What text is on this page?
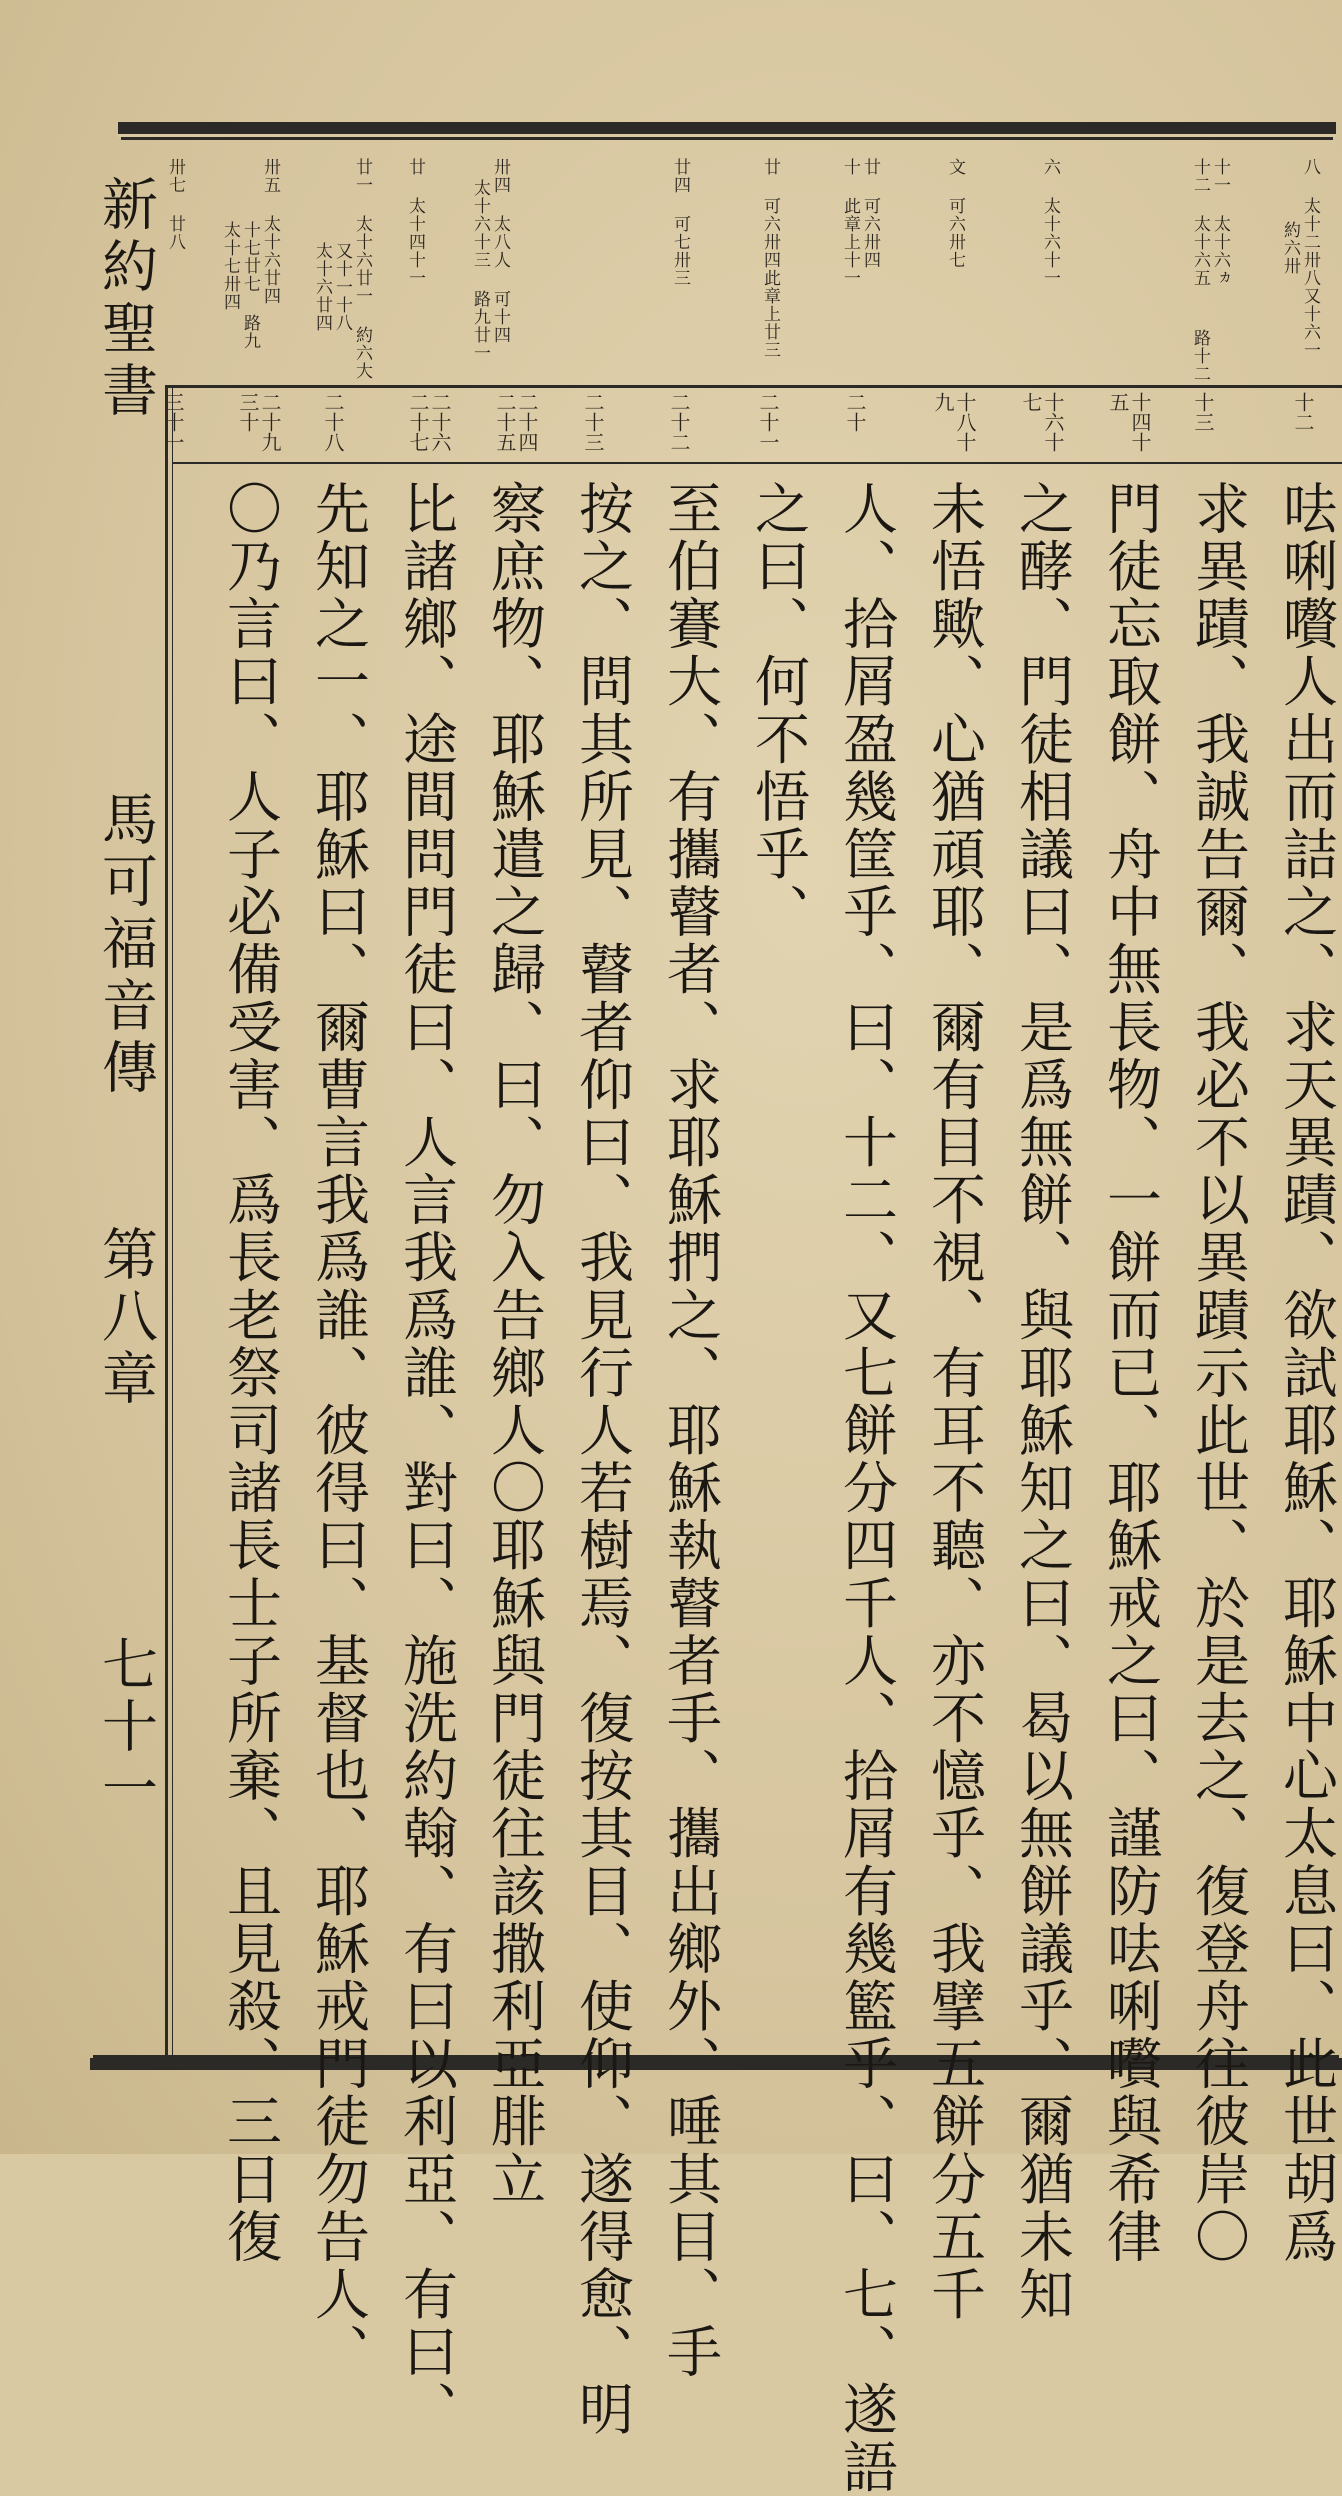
新約聖書
馬可福音傳
第八章
七十一
八 太十二卅八又十六一
約六卅
十一 太十六ヵ
十二 太十六五  路十二
六 太十六十一
文 可六卅七
廿 可六卅四
十 此章上十一
廿 可六卅四此章上廿三
廿四 可七卅三
卅四 太八人 可十四
太十六十三 路九廿一
廿 太十四十一
廿一 太十六廿一 約六大
又十一十八
太十六廿四
卅五 太十六廿四
十七廿七 路九
太十七卅四
卅七 廿八
十二
十三
十四十五
十六十七
十八十九
二十
二十一
二十二
二十三
二十四二十五
二十六二十七
二十八
二十九三十
三十一
呿唎嚽人出而詰之、求天異蹟、欲試耶穌、耶穌中心太息曰、此世胡爲
求異蹟、我誠告爾、我必不以異蹟示此世、於是去之、復登舟往彼岸〇
門徒忘取餅、舟中無長物、一餅而已、耶穌戒之曰、謹防呿唎嚽與希律
之酵、門徒相議曰、是爲無餅、與耶穌知之曰、曷以無餅議乎、爾猶未知
未悟歟、心猶頑耶、爾有目不視、有耳不聽、亦不憶乎、我擘五餅分五千
人、拾屑盈幾筐乎、曰、十二、又七餅分四千人、拾屑有幾籃乎、曰、七、遂語
之曰、何不悟乎、
至伯賽大、有攜瞽者、求耶穌捫之、耶穌執瞽者手、攜出鄉外、唾其目、手
按之、問其所見、瞽者仰曰、我見行人若樹焉、復按其目、使仰、遂得愈、明
察庶物、耶穌遣之歸、曰、勿入告鄉人〇耶穌與門徒往該撒利亞腓立
比諸鄉、途間問門徒曰、人言我爲誰、對曰、施洗約翰、有曰以利亞、有曰、
先知之一、耶穌曰、爾曹言我爲誰、彼得曰、基督也、耶穌戒門徒勿告人、
〇乃言曰、人子必備受害、爲長老祭司諸長士子所棄、且見殺、三日復
